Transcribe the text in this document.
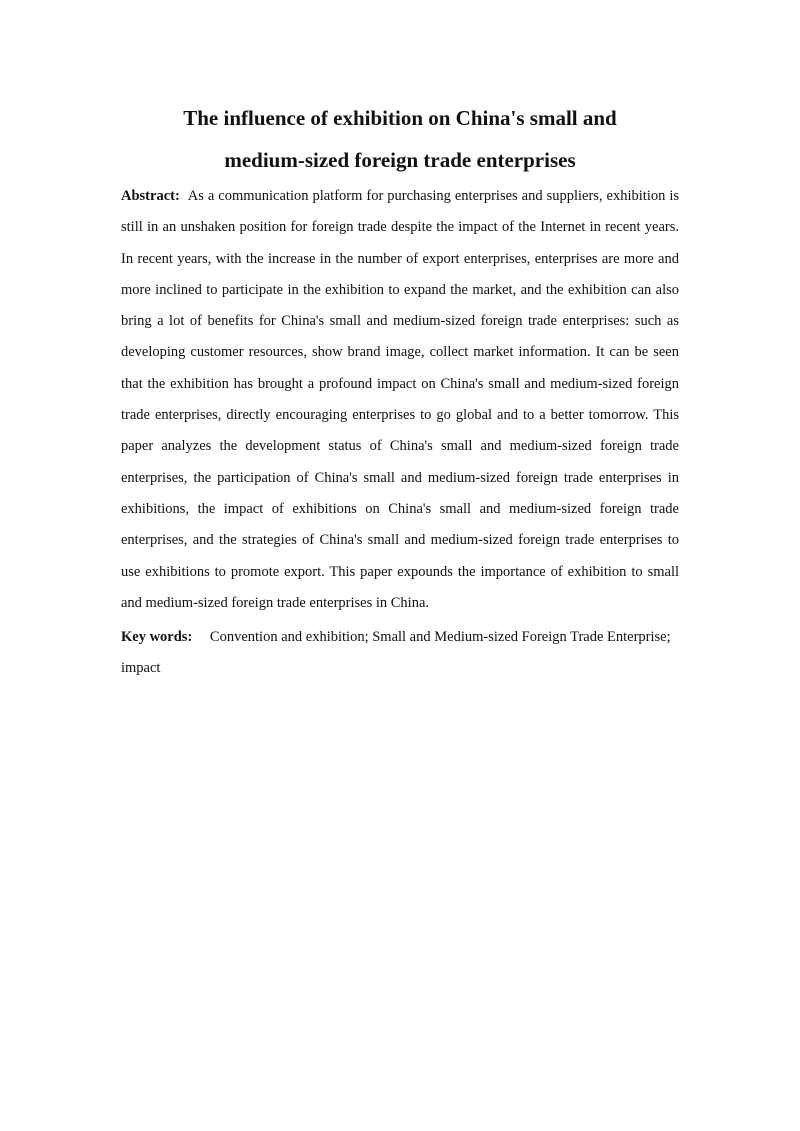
The influence of exhibition on China's small and
medium-sized foreign trade enterprises

Abstract: As a communication platform for purchasing enterprises and suppliers, exhibition is still in an unshaken position for foreign trade despite the impact of the Internet in recent years. In recent years, with the increase in the number of export enterprises, enterprises are more and more inclined to participate in the exhibition to expand the market, and the exhibition can also bring a lot of benefits for China's small and medium-sized foreign trade enterprises: such as developing customer resources, show brand image, collect market information. It can be seen that the exhibition has brought a profound impact on China's small and medium-sized foreign trade enterprises, directly encouraging enterprises to go global and to a better tomorrow. This paper analyzes the development status of China's small and medium-sized foreign trade enterprises, the participation of China's small and medium-sized foreign trade enterprises in exhibitions, the impact of exhibitions on China's small and medium-sized foreign trade enterprises, and the strategies of China's small and medium-sized foreign trade enterprises to use exhibitions to promote export. This paper expounds the importance of exhibition to small and medium-sized foreign trade enterprises in China.

Key words: Convention and exhibition; Small and Medium-sized Foreign Trade Enterprise; impact
